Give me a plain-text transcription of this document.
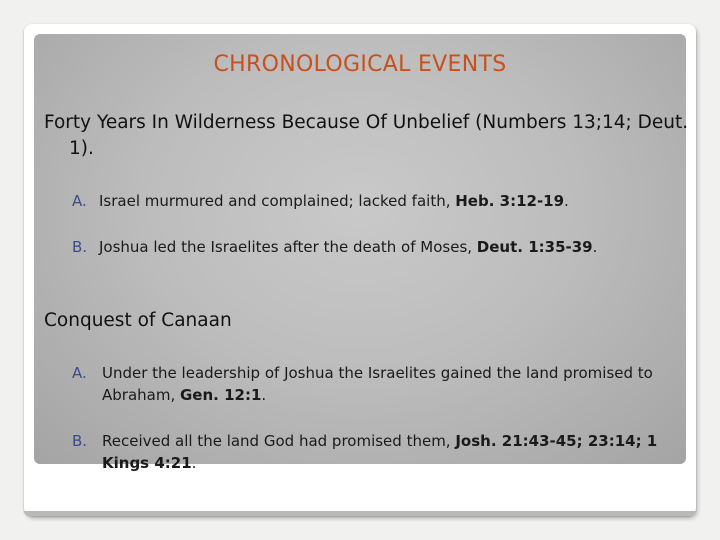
CHRONOLOGICAL EVENTS

Forty Years In Wilderness Because Of Unbelief (Numbers 13;14; Deut. 1).

A. Israel murmured and complained; lacked faith, Heb. 3:12-19.
B. Joshua led the Israelites after the death of Moses, Deut. 1:35-39.

Conquest of Canaan

A. Under the leadership of Joshua the Israelites gained the land promised to Abraham, Gen. 12:1.
B. Received all the land God had promised them, Josh. 21:43-45; 23:14; 1 Kings 4:21.
